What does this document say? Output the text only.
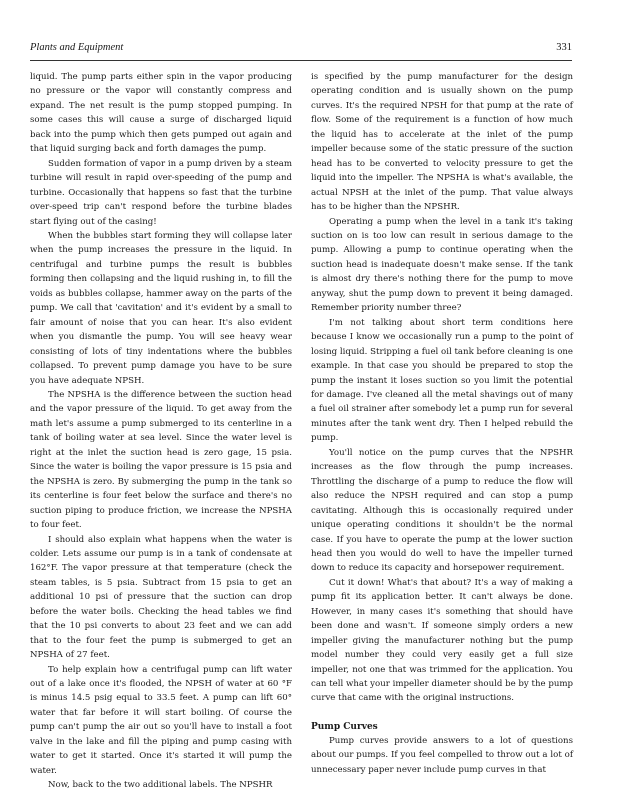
Plants and Equipment	331

liquid. The pump parts either spin in the vapor producing no pressure or the vapor will constantly compress and expand. The net result is the pump stopped pumping. In some cases this will cause a surge of discharged liquid back into the pump which then gets pumped out again and that liquid surging back and forth damages the pump.

Sudden formation of vapor in a pump driven by a steam turbine will result in rapid over-speeding of the pump and turbine. Occasionally that happens so fast that the turbine over-speed trip can't respond before the turbine blades start flying out of the casing!

When the bubbles start forming they will collapse later when the pump increases the pressure in the liquid. In centrifugal and turbine pumps the result is bubbles forming then collapsing and the liquid rushing in, to fill the voids as bubbles collapse, hammer away on the parts of the pump. We call that 'cavitation' and it's evident by a small to fair amount of noise that you can hear. It's also evident when you dismantle the pump. You will see heavy wear consisting of lots of tiny indentations where the bubbles collapsed. To prevent pump damage you have to be sure you have adequate NPSH.

The NPSHA is the difference between the suction head and the vapor pressure of the liquid. To get away from the math let's assume a pump submerged to its centerline in a tank of boiling water at sea level. Since the water level is right at the inlet the suction head is zero gage, 15 psia. Since the water is boiling the vapor pressure is 15 psia and the NPSHA is zero. By submerging the pump in the tank so its centerline is four feet below the surface and there's no suction piping to produce friction, we increase the NPSHA to four feet.

I should also explain what happens when the water is colder. Lets assume our pump is in a tank of condensate at 162°F. The vapor pressure at that temperature (check the steam tables, is 5 psia. Subtract from 15 psia to get an additional 10 psi of pressure that the suction can drop before the water boils. Checking the head tables we find that the 10 psi converts to about 23 feet and we can add that to the four feet the pump is submerged to get an NPSHA of 27 feet.

To help explain how a centrifugal pump can lift water out of a lake once it's flooded, the NPSH of water at 60 °F is minus 14.5 psig equal to 33.5 feet. A pump can lift 60° water that far before it will start boiling. Of course the pump can't pump the air out so you'll have to install a foot valve in the lake and fill the piping and pump casing with water to get it started. Once it's started it will pump the water.

Now, back to the two additional labels. The NPSHR

is specified by the pump manufacturer for the design operating condition and is usually shown on the pump curves. It's the required NPSH for that pump at the rate of flow. Some of the requirement is a function of how much the liquid has to accelerate at the inlet of the pump impeller because some of the static pressure of the suction head has to be converted to velocity pressure to get the liquid into the impeller. The NPSHA is what's available, the actual NPSH at the inlet of the pump. That value always has to be higher than the NPSHR.

Operating a pump when the level in a tank it's taking suction on is too low can result in serious damage to the pump. Allowing a pump to continue operating when the suction head is inadequate doesn't make sense. If the tank is almost dry there's nothing there for the pump to move anyway, shut the pump down to prevent it being damaged. Remember priority number three?

I'm not talking about short term conditions here because I know we occasionally run a pump to the point of losing liquid. Stripping a fuel oil tank before cleaning is one example. In that case you should be prepared to stop the pump the instant it loses suction so you limit the potential for damage. I've cleaned all the metal shavings out of many a fuel oil strainer after somebody let a pump run for several minutes after the tank went dry. Then I helped rebuild the pump.

You'll notice on the pump curves that the NPSHR increases as the flow through the pump increases. Throttling the discharge of a pump to reduce the flow will also reduce the NPSH required and can stop a pump cavitating. Although this is occasionally required under unique operating conditions it shouldn't be the normal case. If you have to operate the pump at the lower suction head then you would do well to have the impeller turned down to reduce its capacity and horsepower requirement.

Cut it down! What's that about? It's a way of making a pump fit its application better. It can't always be done. However, in many cases it's something that should have been done and wasn't. If someone simply orders a new impeller giving the manufacturer nothing but the pump model number they could very easily get a full size impeller, not one that was trimmed for the application. You can tell what your impeller diameter should be by the pump curve that came with the original instructions.

Pump Curves

Pump curves provide answers to a lot of questions about our pumps. If you feel compelled to throw out a lot of unnecessary paper never include pump curves in that
